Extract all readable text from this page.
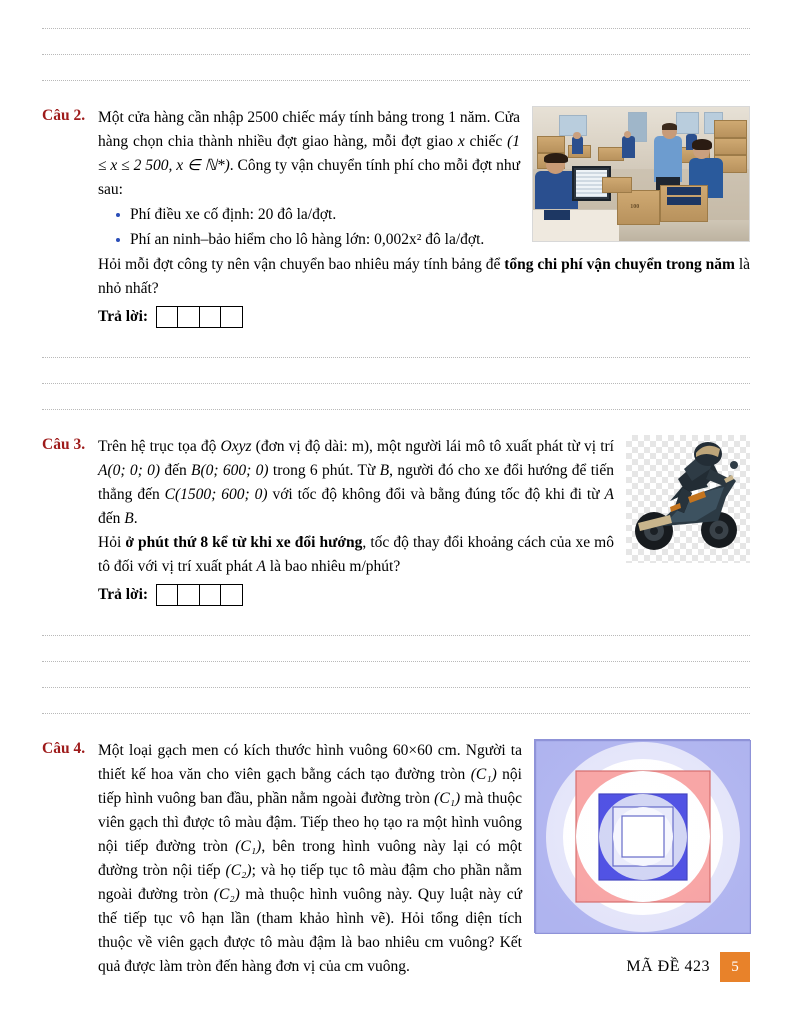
Câu 2.
100

Một cửa hàng cần nhập 2500 chiếc máy tính bảng trong 1 năm. Cửa hàng chọn chia thành nhiều đợt giao hàng, mỗi đợt giao x chiếc (1 ≤ x ≤ 2 500, x ∈ ℕ*). Công ty vận chuyển tính phí cho mỗi đợt như sau:

Phí điều xe cố định: 20 đô la/đợt.
Phí an ninh–bảo hiểm cho lô hàng lớn: 0,002x² đô la/đợt.

Hỏi mỗi đợt công ty nên vận chuyển bao nhiêu máy tính bảng để tổng chi phí vận chuyển trong năm là nhỏ nhất?

Trả lời:
Câu 3. Trên hệ trục tọa độ Oxyz (đơn vị độ dài: m), một người lái mô tô xuất phát từ vị trí A(0; 0; 0) đến B(0; 600; 0) trong 6 phút. Từ B, người đó cho xe đổi hướng để tiến thẳng đến C(1500; 600; 0) với tốc độ không đổi và bằng đúng tốc độ khi đi từ A đến B.

Hỏi ở phút thứ 8 kể từ khi xe đổi hướng, tốc độ thay đổi khoảng cách của xe mô tô đối với vị trí xuất phát A là bao nhiêu m/phút?

Trả lời:
Câu 4. Một loại gạch men có kích thước hình vuông 60×60 cm. Người ta thiết kế hoa văn cho viên gạch bằng cách tạo đường tròn (C₁) nội tiếp hình vuông ban đầu, phần nằm ngoài đường tròn (C₁) mà thuộc viên gạch thì được tô màu đậm. Tiếp theo họ tạo ra một hình vuông nội tiếp đường tròn (C₁), bên trong hình vuông này lại có một đường tròn nội tiếp (C₂); và họ tiếp tục tô màu đậm cho phần nằm ngoài đường tròn (C₂) mà thuộc hình vuông này. Quy luật này cứ thế tiếp tục vô hạn lần (tham khảo hình vẽ). Hỏi tổng diện tích thuộc về viên gạch được tô màu đậm là bao nhiêu cm vuông? Kết quả được làm tròn đến hàng đơn vị của cm vuông.	MÃ ĐỀ 423	5
